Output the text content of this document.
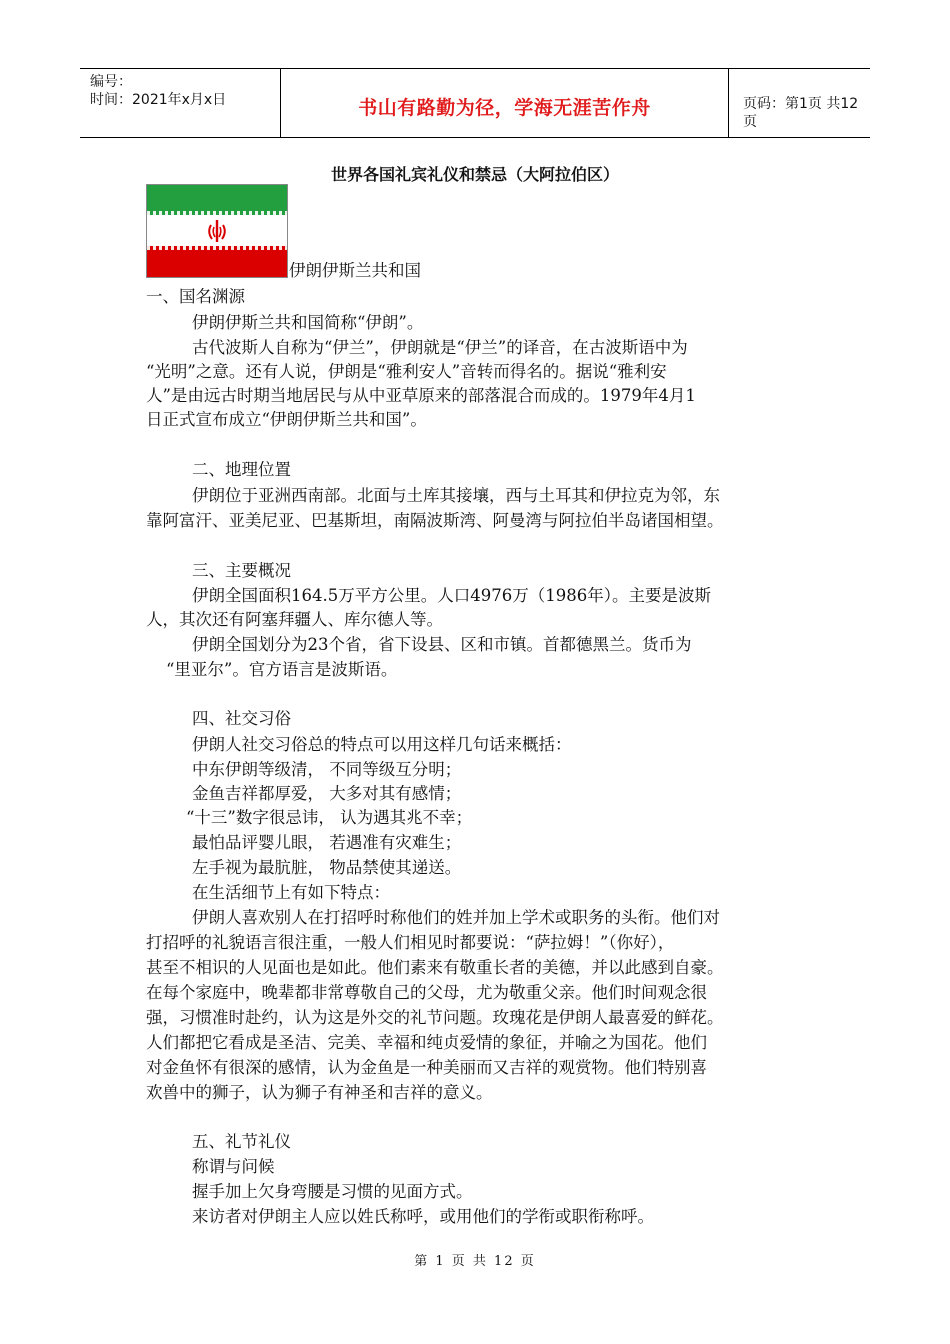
编号：
时间：2021年x月x日	书山有路勤为径，学海无涯苦作舟	页码：第1页 共12页
世界各国礼宾礼仪和禁忌（大阿拉伯区）
伊朗伊斯兰共和国
一、国名渊源
伊朗伊斯兰共和国简称“伊朗”。
古代波斯人自称为“伊兰”，伊朗就是“伊兰”的译音，在古波斯语中为
“光明”之意。还有人说，伊朗是“雅利安人”音转而得名的。据说“雅利安
人”是由远古时期当地居民与从中亚草原来的部落混合而成的。1979年4月1
日正式宣布成立“伊朗伊斯兰共和国”。
二、地理位置
伊朗位于亚洲西南部。北面与土库其接壤，西与土耳其和伊拉克为邻，东
靠阿富汗、亚美尼亚、巴基斯坦，南隔波斯湾、阿曼湾与阿拉伯半岛诸国相望。
三、主要概况
伊朗全国面积164.5万平方公里。人口4976万（1986年）。主要是波斯
人，其次还有阿塞拜疆人、库尔德人等。
伊朗全国划分为23个省，省下设县、区和市镇。首都德黑兰。货币为
“里亚尔”。官方语言是波斯语。
四、社交习俗
伊朗人社交习俗总的特点可以用这样几句话来概括：
中东伊朗等级清， 不同等级互分明；
金鱼吉祥都厚爱， 大多对其有感情；
“十三”数字很忌讳， 认为遇其兆不幸；
最怕品评婴儿眼， 若遇准有灾难生；
左手视为最肮脏， 物品禁使其递送。
在生活细节上有如下特点：
伊朗人喜欢别人在打招呼时称他们的姓并加上学术或职务的头衔。他们对
打招呼的礼貌语言很注重，一般人们相见时都要说：“萨拉姆！”（你好），
甚至不相识的人见面也是如此。他们素来有敬重长者的美德，并以此感到自豪。
在每个家庭中，晚辈都非常尊敬自己的父母，尤为敬重父亲。他们时间观念很
强，习惯准时赴约，认为这是外交的礼节问题。玫瑰花是伊朗人最喜爱的鲜花。
人们都把它看成是圣洁、完美、幸福和纯贞爱情的象征，并喻之为国花。他们
对金鱼怀有很深的感情，认为金鱼是一种美丽而又吉祥的观赏物。他们特别喜
欢兽中的狮子，认为狮子有神圣和吉祥的意义。
五、礼节礼仪
称谓与问候
握手加上欠身弯腰是习惯的见面方式。
来访者对伊朗主人应以姓氏称呼，或用他们的学衔或职衔称呼。
第 1 页 共 12 页
